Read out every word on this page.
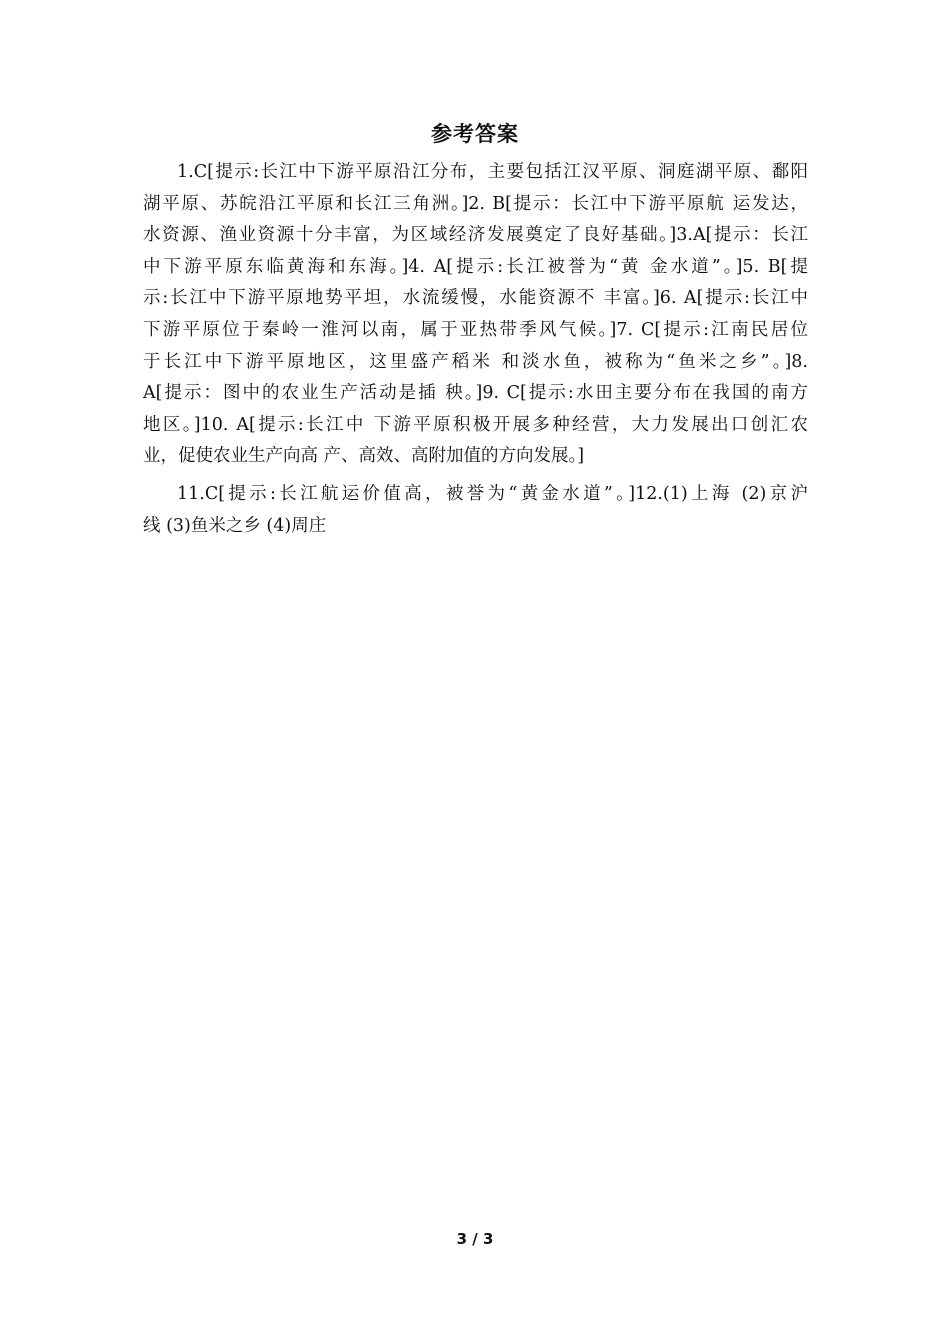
参考答案
1.C[提示:长江中下游平原沿江分布，主要包括江汉平原、洞庭湖平原、鄱阳
湖平原、苏皖沿江平原和长江三角洲。]2. B[提示：长江中下游平原航 运发达，
水资源、渔业资源十分丰富，为区域经济发展奠定了良好基础。]3.A[提示：长江
中下游平原东临黄海和东海。]4. A[提示:长江被誉为“黄 金水道”。]5. B[提
示:长江中下游平原地势平坦，水流缓慢，水能资源不 丰富。]6. A[提示:长江中
下游平原位于秦岭一淮河以南，属于亚热带季风气候。]7. C[提示:江南民居位
于长江中下游平原地区，这里盛产稻米 和淡水鱼，被称为“鱼米之乡”。]8.
A[提示：图中的农业生产活动是插 秧。]9. C[提示:水田主要分布在我国的南方
地区。]10. A[提示:长江中 下游平原积极开展多种经营，大力发展出口创汇农
业，促使农业生产向高 产、高效、高附加值的方向发展。]
11.C[提示:长江航运价值高，被誉为“黄金水道”。]12.(1)上海 (2)京沪
线 (3)鱼米之乡 (4)周庄
3 / 3
